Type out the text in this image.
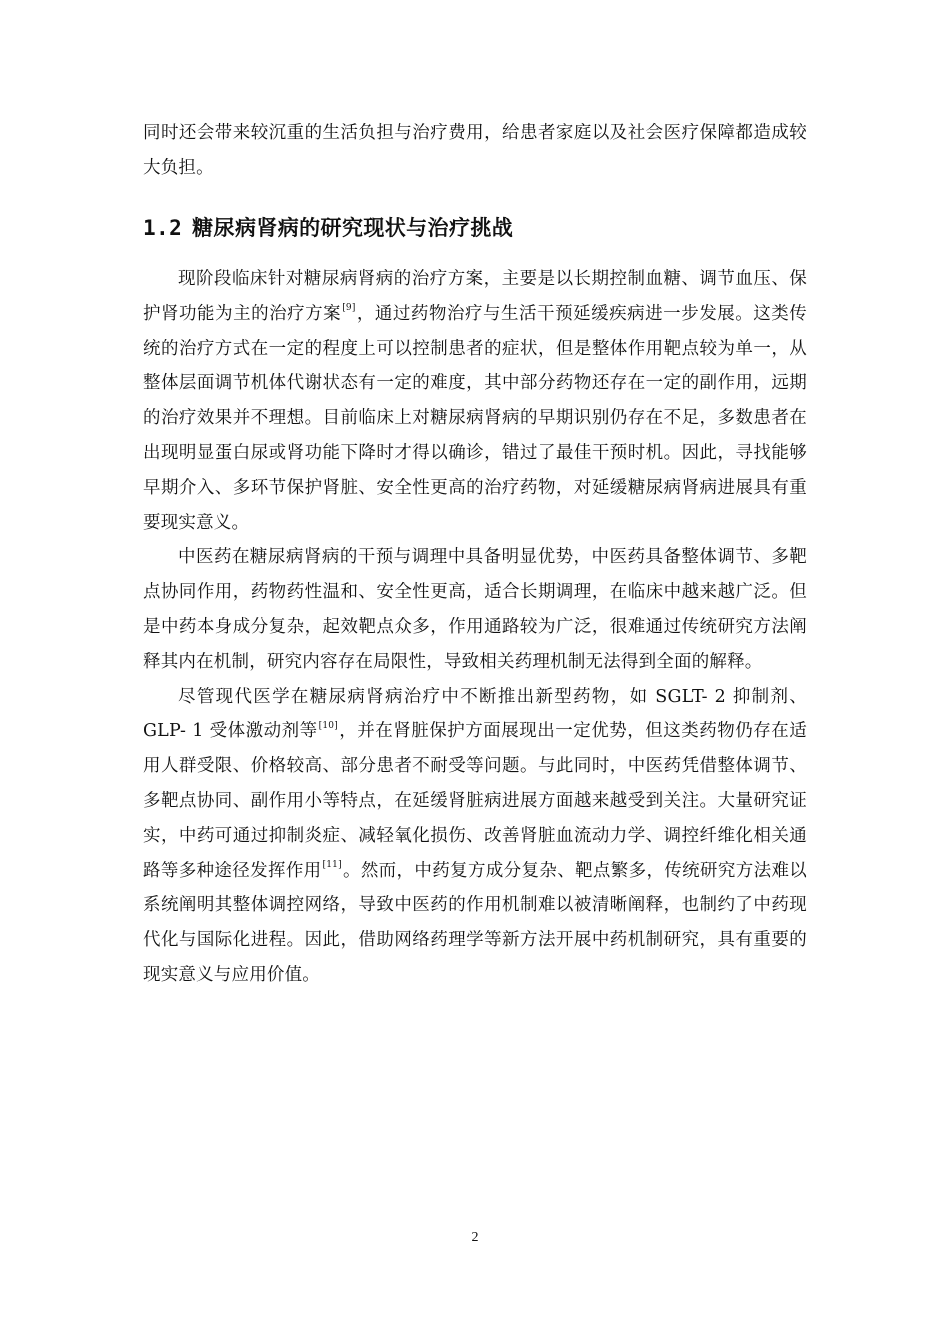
同时还会带来较沉重的生活负担与治疗费用，给患者家庭以及社会医疗保障都造成较大负担。

1.2 糖尿病肾病的研究现状与治疗挑战

现阶段临床针对糖尿病肾病的治疗方案，主要是以长期控制血糖、调节血压、保护肾功能为主的治疗方案[9]，通过药物治疗与生活干预延缓疾病进一步发展。这类传统的治疗方式在一定的程度上可以控制患者的症状，但是整体作用靶点较为单一，从整体层面调节机体代谢状态有一定的难度，其中部分药物还存在一定的副作用，远期的治疗效果并不理想。目前临床上对糖尿病肾病的早期识别仍存在不足，多数患者在出现明显蛋白尿或肾功能下降时才得以确诊，错过了最佳干预时机。因此，寻找能够早期介入、多环节保护肾脏、安全性更高的治疗药物，对延缓糖尿病肾病进展具有重要现实意义。

中医药在糖尿病肾病的干预与调理中具备明显优势，中医药具备整体调节、多靶点协同作用，药物药性温和、安全性更高，适合长期调理，在临床中越来越广泛。但是中药本身成分复杂，起效靶点众多，作用通路较为广泛，很难通过传统研究方法阐释其内在机制，研究内容存在局限性，导致相关药理机制无法得到全面的解释。

尽管现代医学在糖尿病肾病治疗中不断推出新型药物，如 SGLT- 2 抑制剂、GLP- 1 受体激动剂等[10]，并在肾脏保护方面展现出一定优势，但这类药物仍存在适用人群受限、价格较高、部分患者不耐受等问题。与此同时，中医药凭借整体调节、多靶点协同、副作用小等特点，在延缓肾脏病进展方面越来越受到关注。大量研究证实，中药可通过抑制炎症、减轻氧化损伤、改善肾脏血流动力学、调控纤维化相关通路等多种途径发挥作用[11]。然而，中药复方成分复杂、靶点繁多，传统研究方法难以系统阐明其整体调控网络，导致中医药的作用机制难以被清晰阐释，也制约了中药现代化与国际化进程。因此，借助网络药理学等新方法开展中药机制研究，具有重要的现实意义与应用价值。

2
